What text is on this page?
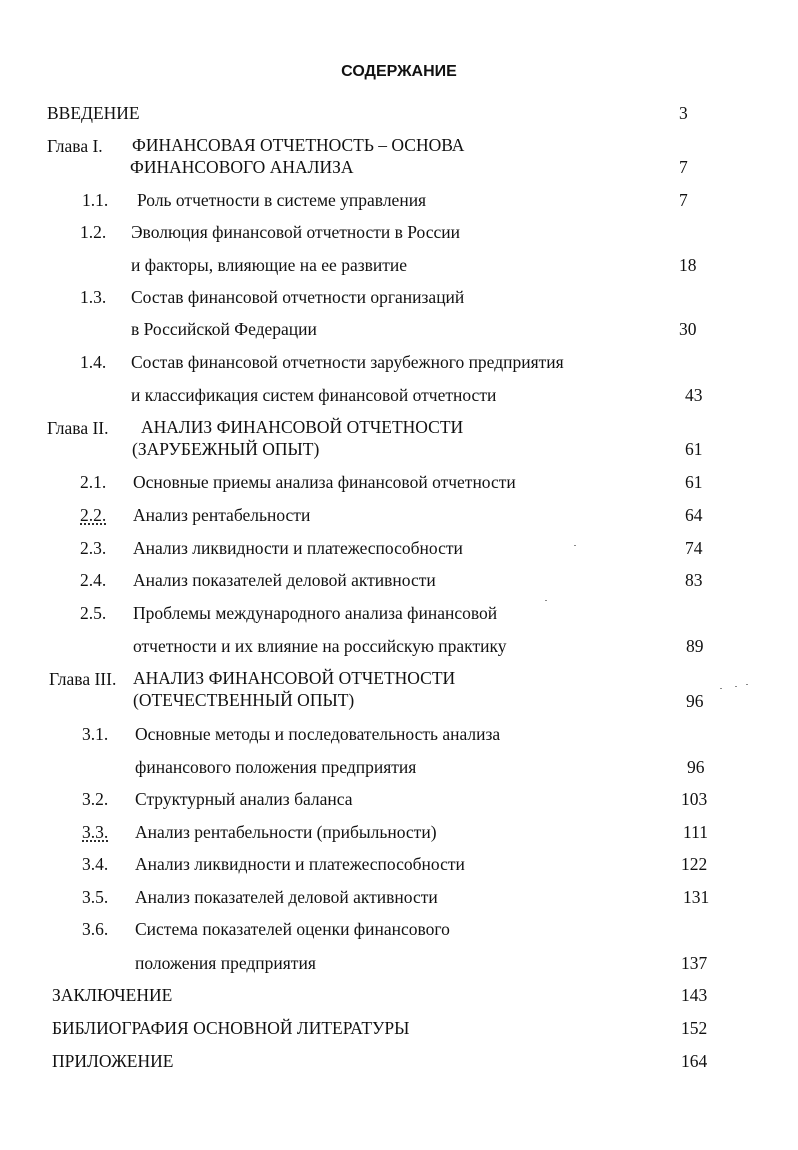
СОДЕРЖАНИЕ
ВВЕДЕНИЕ	3
Глава I. ФИНАНСОВАЯ ОТЧЕТНОСТЬ – ОСНОВА
ФИНАНСОВОГО АНАЛИЗА	7
1.1. Роль отчетности в системе управления	7
1.2. Эволюция финансовой отчетности в России
и факторы, влияющие на ее развитие	18
1.3. Состав финансовой отчетности организаций
в Российской Федерации	30
1.4. Состав финансовой отчетности зарубежного предприятия
и классификация систем финансовой отчетности	43
Глава II. АНАЛИЗ ФИНАНСОВОЙ ОТЧЕТНОСТИ
(ЗАРУБЕЖНЫЙ ОПЫТ)	61
2.1. Основные приемы анализа финансовой отчетности	61
2.2. Анализ рентабельности	64
2.3. Анализ ликвидности и платежеспособности	74
2.4. Анализ показателей деловой активности	83
2.5. Проблемы международного анализа финансовой
отчетности и их влияние на российскую практику	89
Глава III. АНАЛИЗ ФИНАНСОВОЙ ОТЧЕТНОСТИ
(ОТЕЧЕСТВЕННЫЙ ОПЫТ)	96
3.1. Основные методы и последовательность анализа
финансового положения предприятия	96
3.2. Структурный анализ баланса	103
3.3. Анализ рентабельности (прибыльности)	111
3.4. Анализ ликвидности и платежеспособности	122
3.5. Анализ показателей деловой активности	131
3.6. Система показателей оценки финансового
положения предприятия	137
ЗАКЛЮЧЕНИЕ	143
БИБЛИОГРАФИЯ ОСНОВНОЙ ЛИТЕРАТУРЫ	152
ПРИЛОЖЕНИЕ	164
